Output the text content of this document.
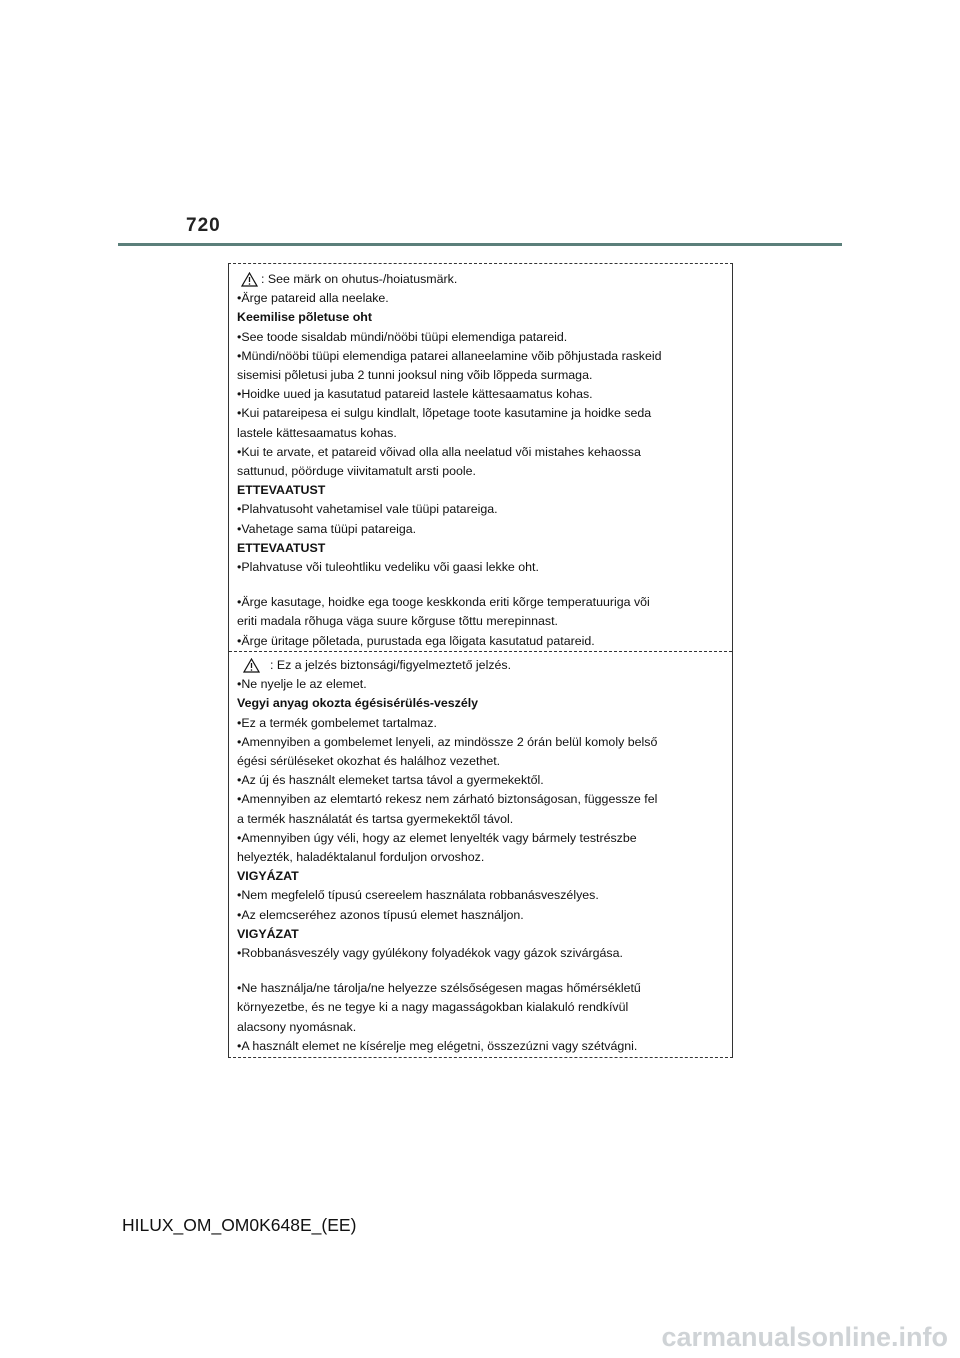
720
: See märk on ohutus-/hoiatusmärk.
•Ärge patareid alla neelake.
Keemilise põletuse oht
•See toode sisaldab mündi/nööbi tüüpi elemendiga patareid.
•Mündi/nööbi tüüpi elemendiga patarei allaneelamine võib põhjustada raskeid
sisemisi põletusi juba 2 tunni jooksul ning võib lõppeda surmaga.
•Hoidke uued ja kasutatud patareid lastele kättesaamatus kohas.
•Kui patareipesa ei sulgu kindlalt, lõpetage toote kasutamine ja hoidke seda
lastele kättesaamatus kohas.
•Kui te arvate, et patareid võivad olla alla neelatud või mistahes kehaossa
sattunud, pöörduge viivitamatult arsti poole.
ETTEVAATUST
•Plahvatusoht vahetamisel vale tüüpi patareiga.
•Vahetage sama tüüpi patareiga.
ETTEVAATUST
•Plahvatuse või tuleohtliku vedeliku või gaasi lekke oht.
•Ärge kasutage, hoidke ega tooge keskkonda eriti kõrge temperatuuriga või
eriti madala rõhuga väga suure kõrguse tõttu merepinnast.
•Ärge üritage põletada, purustada ega lõigata kasutatud patareid.
: Ez a jelzés biztonsági/figyelmeztető jelzés.
•Ne nyelje le az elemet.
Vegyi anyag okozta égésisérülés-veszély
•Ez a termék gombelemet tartalmaz.
•Amennyiben a gombelemet lenyeli, az mindössze 2 órán belül komoly belső
égési sérüléseket okozhat és halálhoz vezethet.
•Az új és használt elemeket tartsa távol a gyermekektől.
•Amennyiben az elemtartó rekesz nem zárható biztonságosan, függessze fel
a termék használatát és tartsa gyermekektől távol.
•Amennyiben úgy véli, hogy az elemet lenyelték vagy bármely testrészbe
helyezték, haladéktalanul forduljon orvoshoz.
VIGYÁZAT
•Nem megfelelő típusú csereelem használata robbanásveszélyes.
•Az elemcseréhez azonos típusú elemet használjon.
VIGYÁZAT
•Robbanásveszély vagy gyúlékony folyadékok vagy gázok szivárgása.
•Ne használja/ne tárolja/ne helyezze szélsőségesen magas hőmérsékletű
környezetbe, és ne tegye ki a nagy magasságokban kialakuló rendkívül
alacsony nyomásnak.
•A használt elemet ne kísérelje meg elégetni, összezúzni vagy szétvágni.
HILUX_OM_OM0K648E_(EE)
carmanualsonline.info
